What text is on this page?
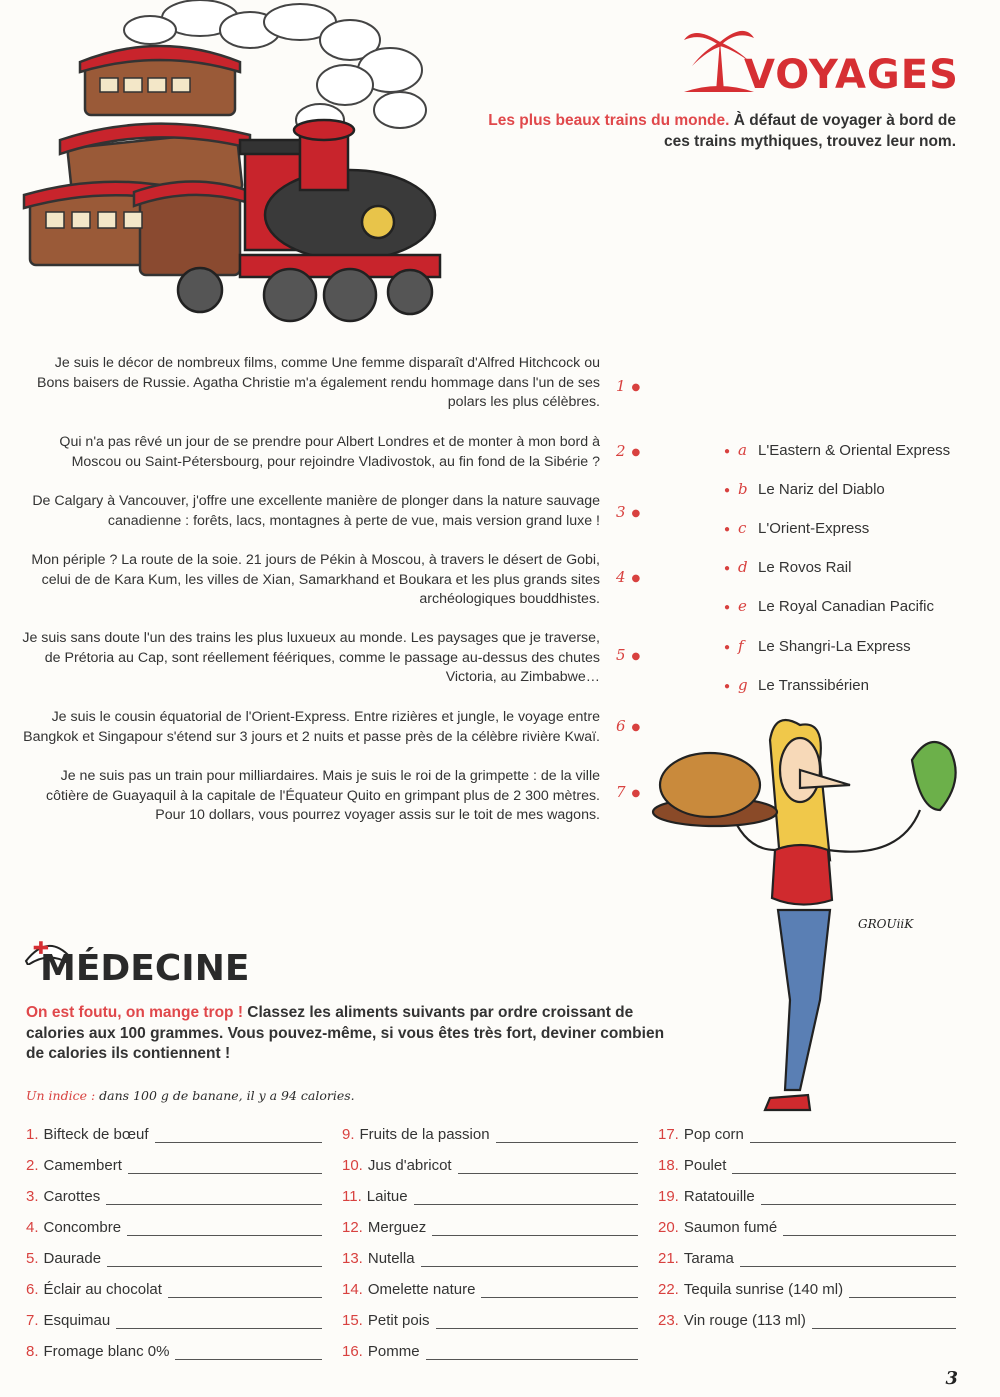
VOYAGES
Les plus beaux trains du monde. À défaut de voyager à bord de ces trains mythiques, trouvez leur nom.
Je suis le décor de nombreux films, comme Une femme disparaît d'Alfred Hitchcock ou Bons baisers de Russie. Agatha Christie m'a également rendu hommage dans l'un de ses polars les plus célèbres.
1 ●
Qui n'a pas rêvé un jour de se prendre pour Albert Londres et de monter à mon bord à Moscou ou Saint-Pétersbourg, pour rejoindre Vladivostok, au fin fond de la Sibérie ?
2 ●
De Calgary à Vancouver, j'offre une excellente manière de plonger dans la nature sauvage canadienne : forêts, lacs, montagnes à perte de vue, mais version grand luxe ! 3 ●
Mon périple ? La route de la soie. 21 jours de Pékin à Moscou, à travers le désert de Gobi, celui de de Kara Kum, les villes de Xian, Samarkhand et Boukara et les plus grands sites archéologiques bouddhistes.
4 ●
Je suis sans doute l'un des trains les plus luxueux au monde. Les paysages que je traverse, de Prétoria au Cap, sont réellement féériques, comme le passage au-dessus des chutes Victoria, au Zimbabwe…
5 ●
Je suis le cousin équatorial de l'Orient-Express. Entre rizières et jungle, le voyage entre Bangkok et Singapour s'étend sur 3 jours et 2 nuits et passe près de la célèbre rivière Kwaï.
6 ●
Je ne suis pas un train pour milliardaires. Mais je suis le roi de la grimpette : de la ville côtière de Guayaquil à la capitale de l'Équateur Quito en grimpant plus de 2 300 mètres. Pour 10 dollars, vous pourrez voyager assis sur le toit de mes wagons.
7 ●
● a L'Eastern & Oriental Express
● b Le Nariz del Diablo
● c L'Orient-Express
● d Le Rovos Rail
● e Le Royal Canadian Pacific
● f Le Shangri-La Express
● g Le Transsibérien
GROUiiK
MÉDECINE
On est foutu, on mange trop ! Classez les aliments suivants par ordre croissant de calories aux 100 grammes. Vous pouvez-même, si vous êtes très fort, deviner combien de calories ils contiennent !
Un indice : dans 100 g de banane, il y a 94 calories.
1. Bifteck de bœuf
2. Camembert
3. Carottes
4. Concombre
5. Daurade
6. Éclair au chocolat
7. Esquimau
8. Fromage blanc 0%
9. Fruits de la passion
10. Jus d'abricot
11. Laitue
12. Merguez
13. Nutella
14. Omelette nature
15. Petit pois
16. Pomme
17. Pop corn
18. Poulet
19. Ratatouille
20. Saumon fumé
21. Tarama
22. Tequila sunrise (140 ml)
23. Vin rouge (113 ml)
3
